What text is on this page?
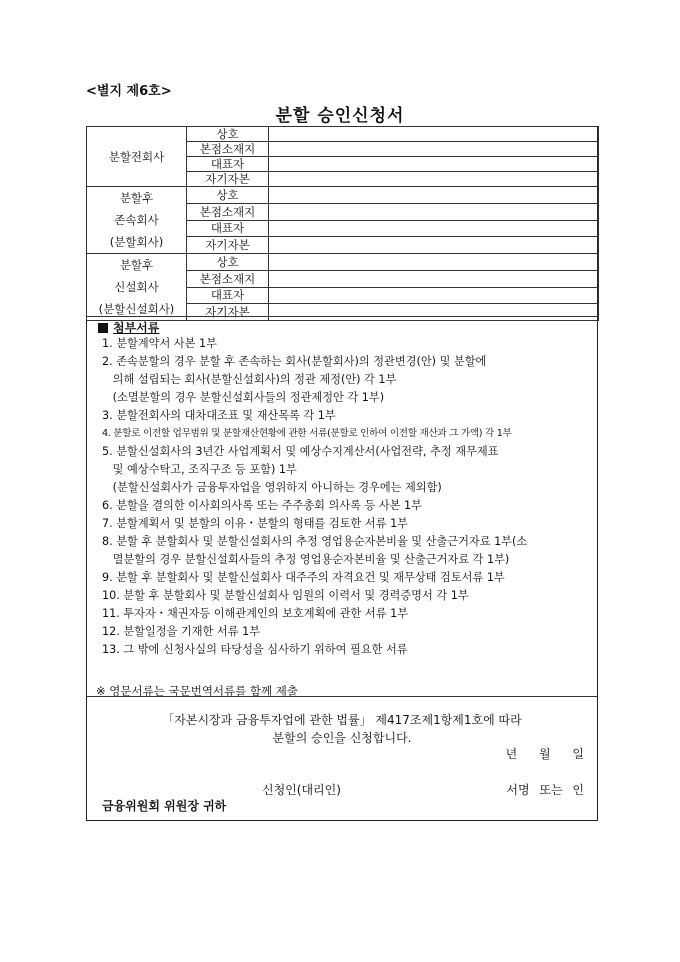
<별지 제6호>
분할 승인신청서
분할전회사	상호	
	본점소재지	
	대표자	
	자기자본	

분할후
존속회사
(분할회사)	상호	
	본점소재지	
	대표자	
	자기자본	

분할후
신설회사
(분할신설회사)	상호	
	본점소재지	
	대표자	
	자기자본	
첨부서류
1. 분할계약서 사본 1부
2. 존속분할의 경우 분할 후 존속하는 회사(분할회사)의 정관변경(안) 및 분할에
의해 설립되는 회사(분할신설회사)의 정관 제정(안) 각 1부
(소멸분할의 경우 분할신설회사들의 정관제정안 각 1부)
3. 분할전회사의 대차대조표 및 재산목록 각 1부
4. 분할로 이전할 업무범위 및 분할재산현황에 관한 서류(분할로 인하여 이전할 재산과 그 가액) 각 1부
5. 분할신설회사의 3년간 사업계획서 및 예상수지계산서(사업전략, 추정 재무제표
및 예상수탁고, 조직구조 등 포함) 1부
(분할신설회사가 금융투자업을 영위하지 아니하는 경우에는 제외함)
6. 분할을 결의한 이사회의사록 또는 주주총회 의사록 등 사본 1부
7. 분할계획서 및 분할의 이유・분할의 형태를 검토한 서류 1부
8. 분할 후 분할회사 및 분할신설회사의 추정 영업용순자본비율 및 산출근거자료 1부(소
멸분할의 경우 분할신설회사들의 추정 영업용순자본비율 및 산출근거자료 각 1부)
9. 분할 후 분할회사 및 분할신설회사 대주주의 자격요건 및 재무상태 검토서류 1부
10. 분할 후 분할회사 및 분할신설회사 임원의 이력서 및 경력증명서 각 1부
11. 투자자・채권자등 이해관계인의 보호계획에 관한 서류 1부
12. 분할일정을 기재한 서류 1부
13. 그 밖에 신청사실의 타당성을 심사하기 위하여 필요한 서류
※ 영문서류는 국문번역서류를 함께 제출
「자본시장과 금융투자업에 관한 법률」 제417조제1항제1호에 따라
분할의 승인을 신청합니다.
년 월 일
신청인(대리인)	서명 또는 인
금융위원회 위원장 귀하
